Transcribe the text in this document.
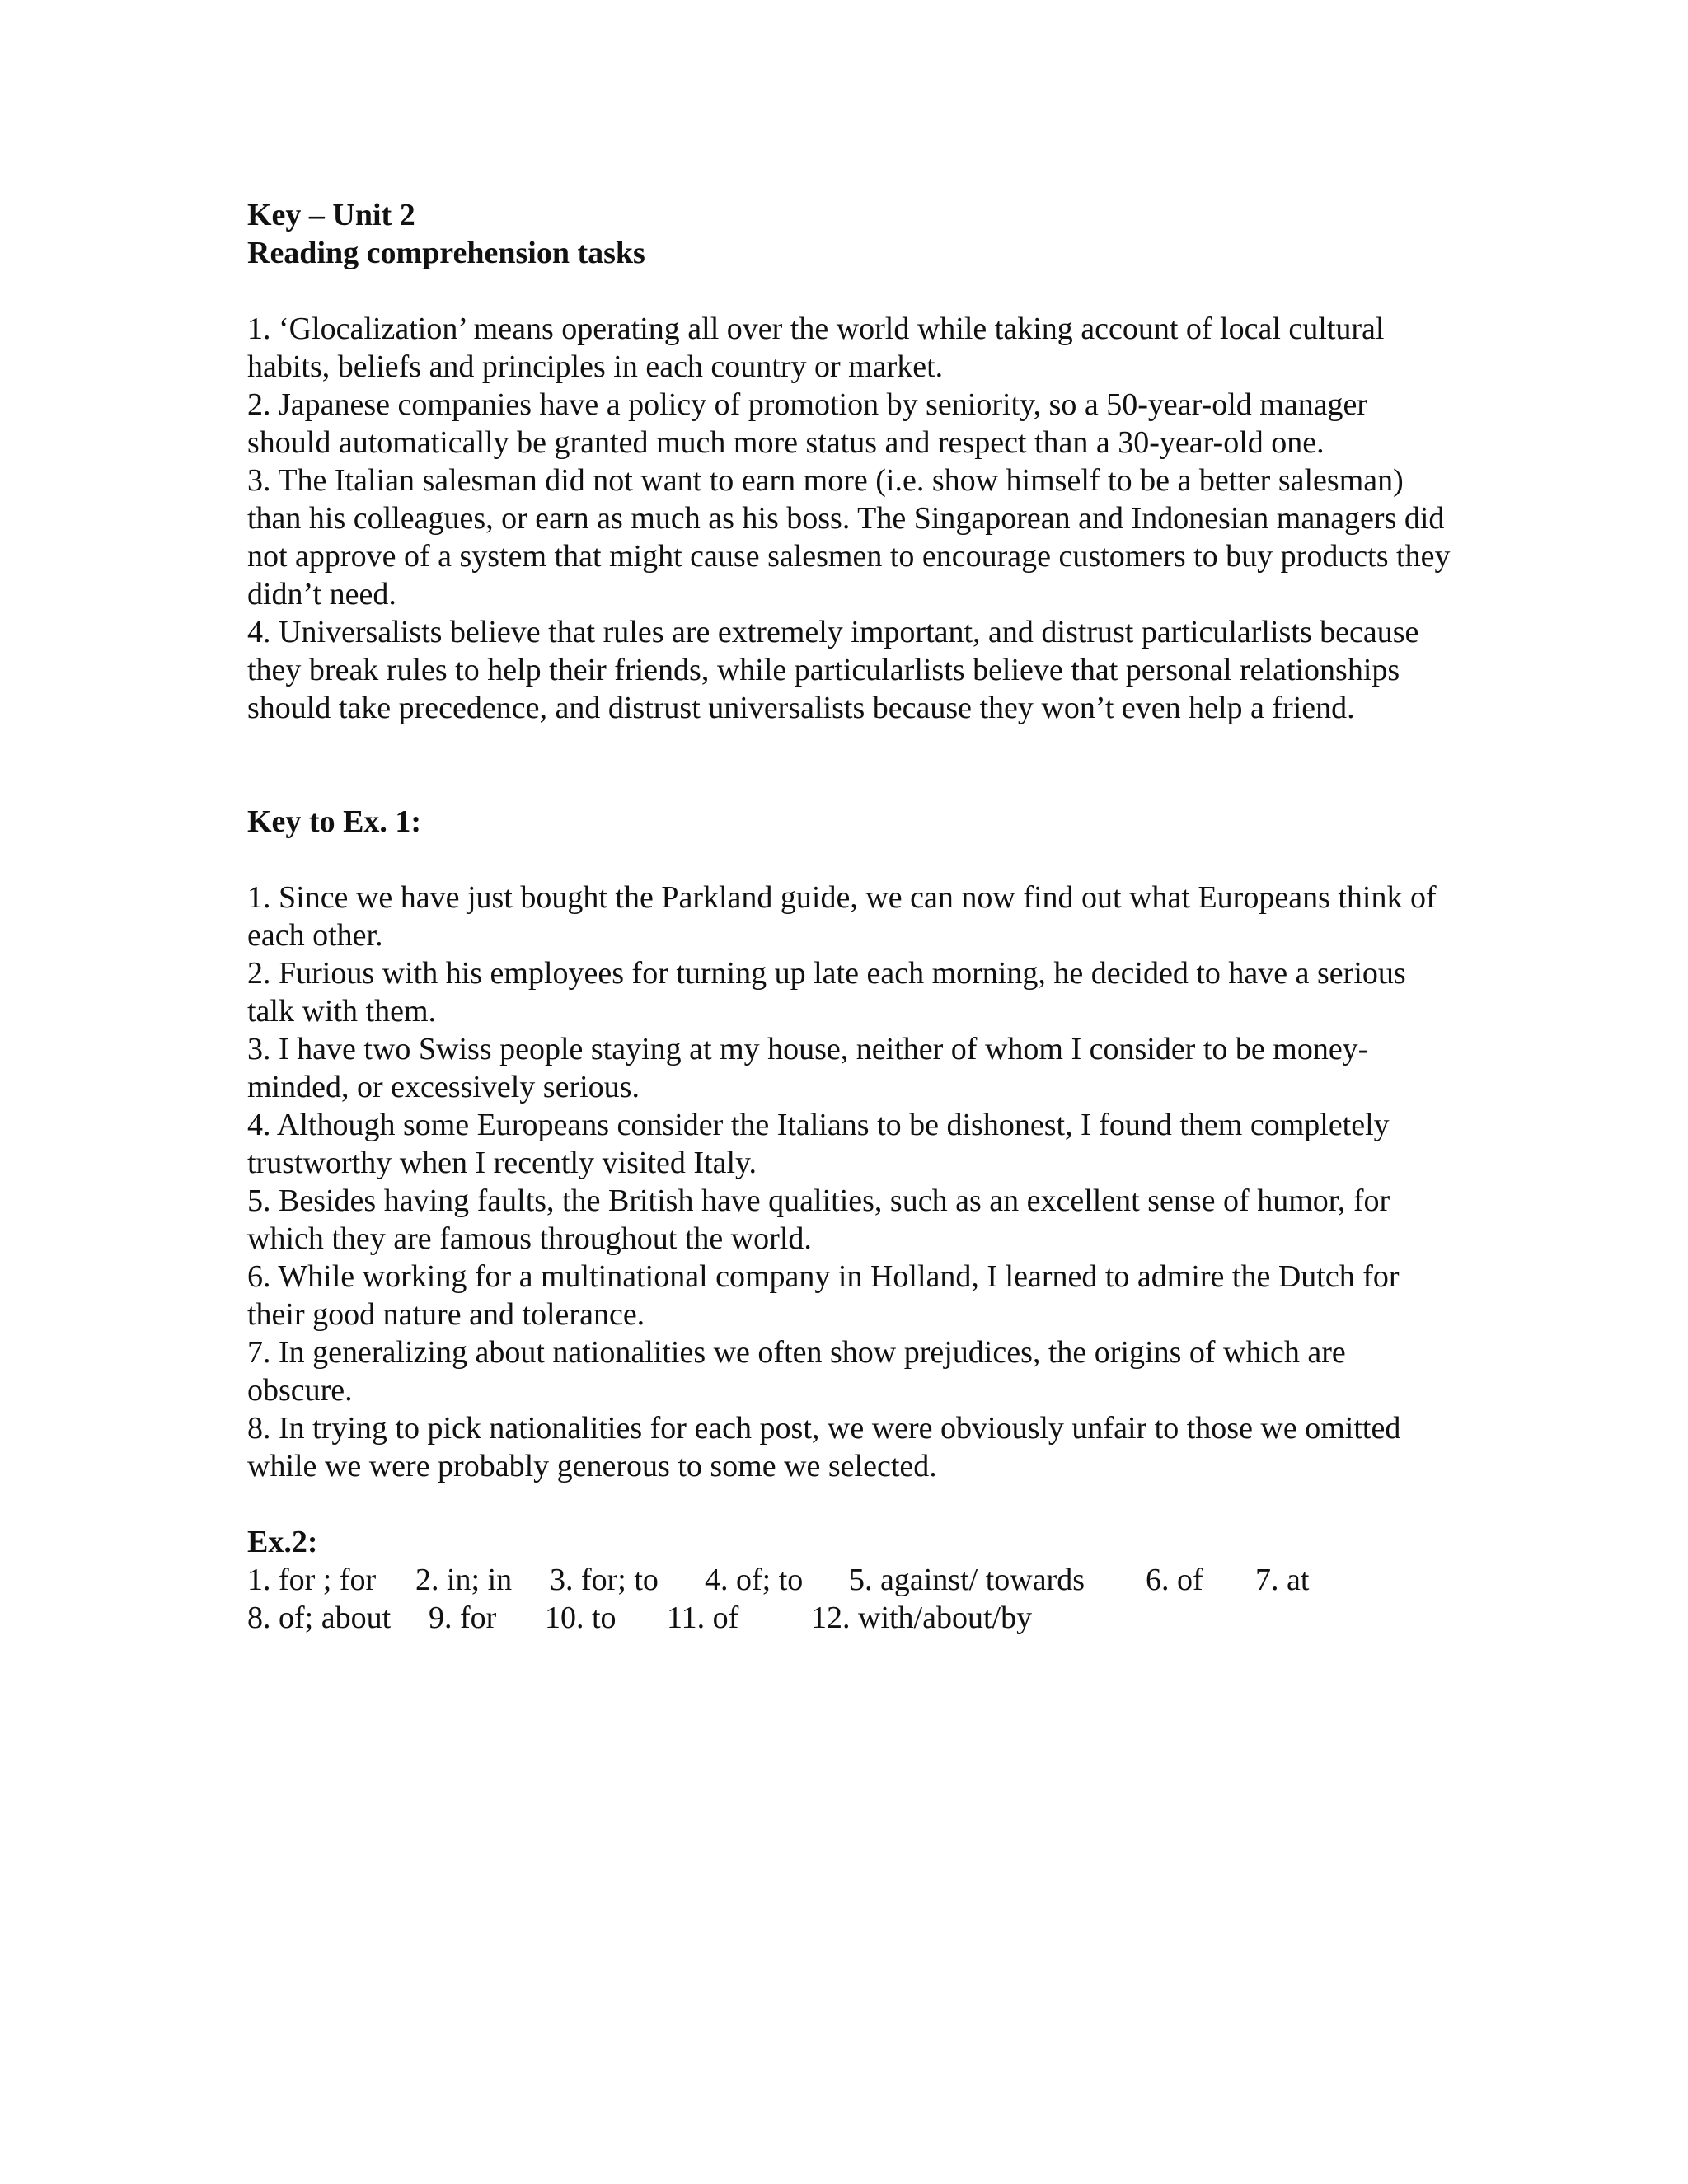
Key – Unit 2

Reading comprehension tasks

1. ‘Glocalization’ means operating all over the world while taking account of local cultural habits, beliefs and principles in each country or market.

2. Japanese companies have a policy of promotion by seniority, so a 50-year-old manager should automatically be granted much more status and respect than a 30-year-old one.

3. The Italian salesman did not want to earn more (i.e. show himself to be a better salesman) than his colleagues, or earn as much as his boss. The Singaporean and Indonesian managers did not approve of a system that might cause salesmen to encourage customers to buy products they didn’t need.

4. Universalists believe that rules are extremely important, and distrust particularlists because they break rules to help their friends, while particularlists believe that personal relationships should take precedence, and distrust universalists because they won’t even help a friend.

Key to Ex. 1:

1. Since we have just bought the Parkland guide, we can now find out what Europeans think of each other.

2. Furious with his employees for turning up late each morning, he decided to have a serious talk with them.

3. I have two Swiss people staying at my house, neither of whom I consider to be money-minded, or excessively serious.

4. Although some Europeans consider the Italians to be dishonest, I found them completely trustworthy when I recently visited Italy.

5. Besides having faults, the British have qualities, such as an excellent sense of humor, for which they are famous throughout the world.

6. While working for a multinational company in Holland, I learned to admire the Dutch for their good nature and tolerance.

7. In generalizing about nationalities we often show prejudices, the origins of which are obscure.

8. In trying to pick nationalities for each post, we were obviously unfair to those we omitted while we were probably generous to some we selected.

Ex.2:

1. for ; for	2. in; in	3. for; to	4. of; to	5. against/ towards	6. of	7. at
8. of; about	9. for	10. to	11. of	12. with/about/by
